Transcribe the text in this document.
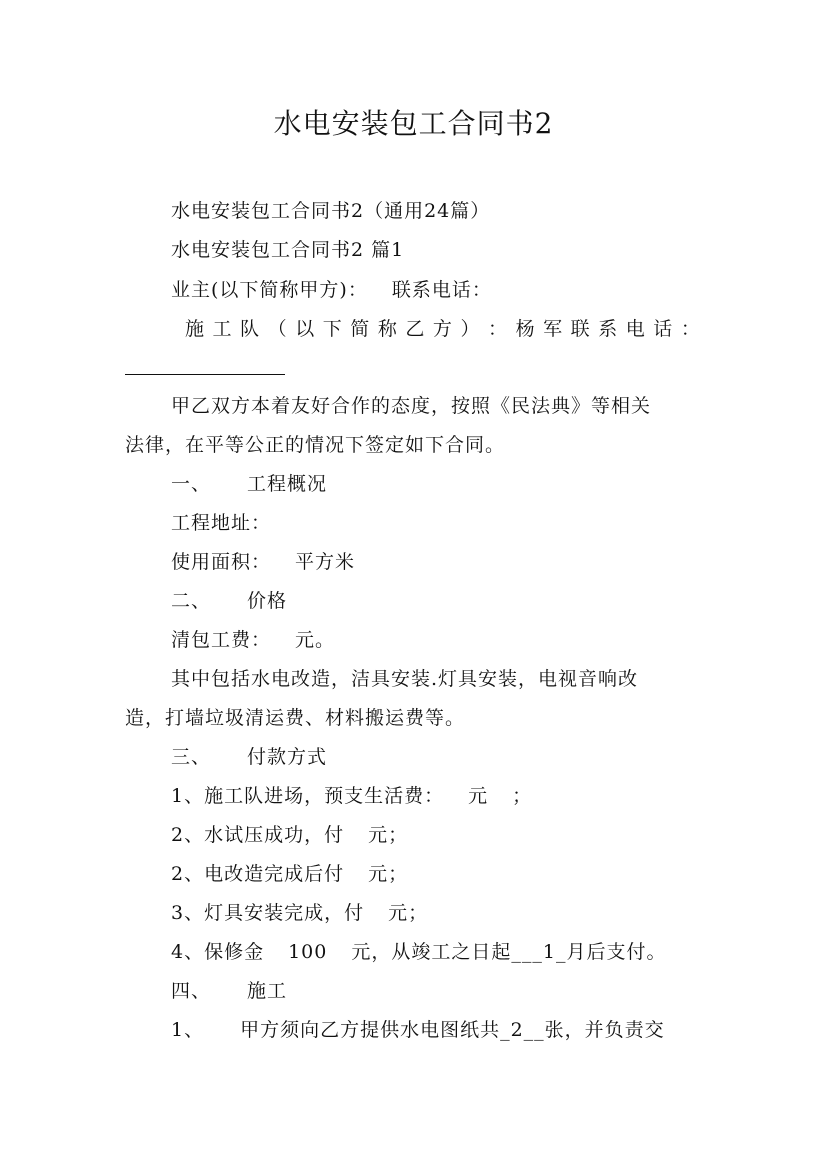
水电安装包工合同书2
水电安装包工合同书2（通用24篇）
水电安装包工合同书2 篇1
业主(以下简称甲方)： 联系电话：
施 工 队 （ 以 下 简 称 乙 方 ） ： 杨 军 联 系 电 话 ：
甲乙双方本着友好合作的态度，按照《民法典》等相关
法律，在平等公正的情况下签定如下合同。
一、 工程概况
工程地址：
使用面积： 平方米
二、 价格
清包工费： 元。
其中包括水电改造，洁具安装.灯具安装，电视音响改
造，打墙垃圾清运费、材料搬运费等。
三、 付款方式
1、施工队进场，预支生活费： 元 ；
2、水试压成功，付 元；
2、电改造完成后付 元；
3、灯具安装完成，付 元；
4、保修金 100 元，从竣工之日起___1_月后支付。
四、 施工
1、 甲方须向乙方提供水电图纸共_2__张，并负责交
